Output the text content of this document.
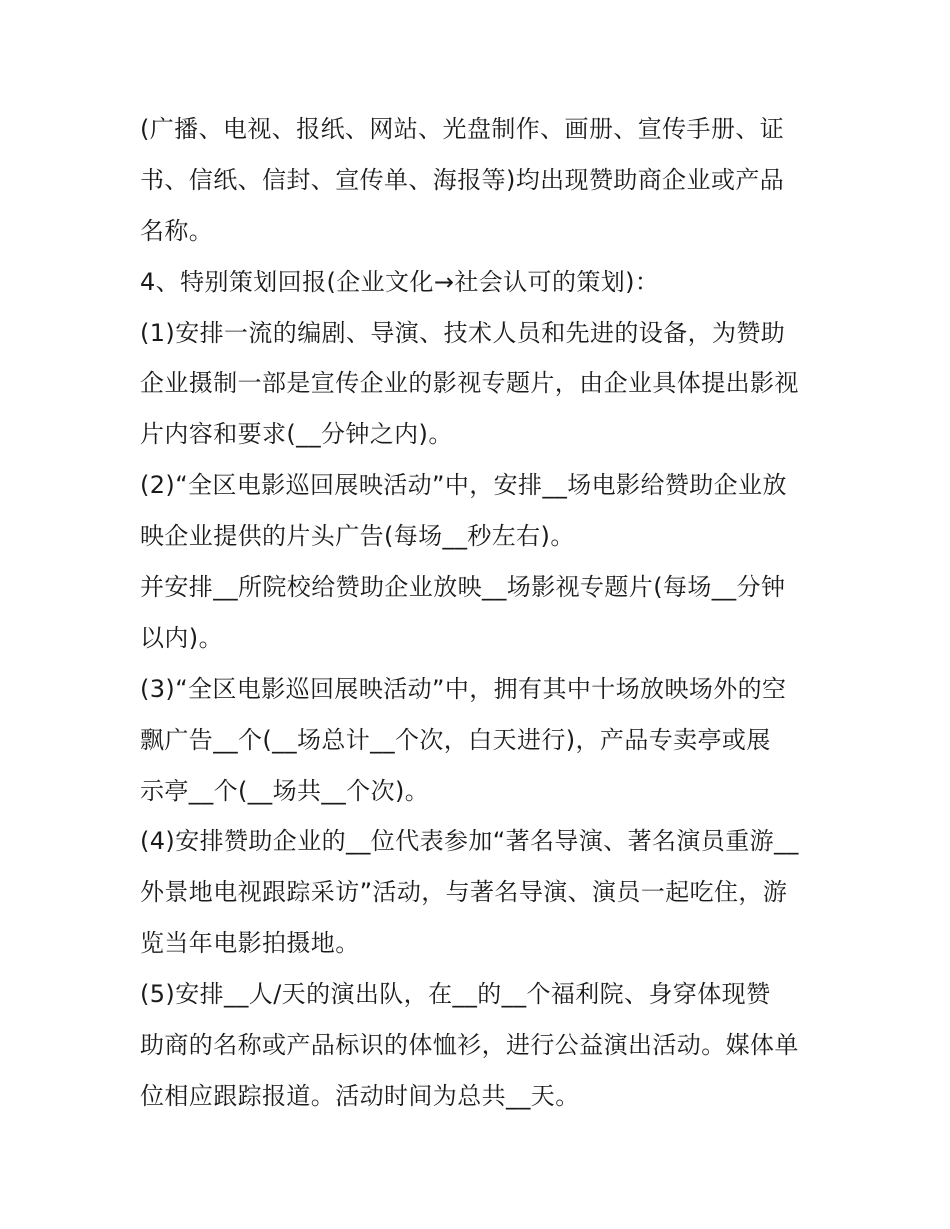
(广播、电视、报纸、网站、光盘制作、画册、宣传手册、证
书、信纸、信封、宣传单、海报等)均出现赞助商企业或产品
名称。
4、特别策划回报(企业文化→社会认可的策划)：
(1)安排一流的编剧、导演、技术人员和先进的设备，为赞助
企业摄制一部是宣传企业的影视专题片，由企业具体提出影视
片内容和要求(__分钟之内)。
(2)“全区电影巡回展映活动”中，安排__场电影给赞助企业放
映企业提供的片头广告(每场__秒左右)。
并安排__所院校给赞助企业放映__场影视专题片(每场__分钟
以内)。
(3)“全区电影巡回展映活动”中，拥有其中十场放映场外的空
飘广告__个(__场总计__个次，白天进行)，产品专卖亭或展
示亭__个(__场共__个次)。
(4)安排赞助企业的__位代表参加“著名导演、著名演员重游__
外景地电视跟踪采访”活动，与著名导演、演员一起吃住，游
览当年电影拍摄地。
(5)安排__人/天的演出队，在__的__个福利院、身穿体现赞
助商的名称或产品标识的体恤衫，进行公益演出活动。媒体单
位相应跟踪报道。活动时间为总共__天。
